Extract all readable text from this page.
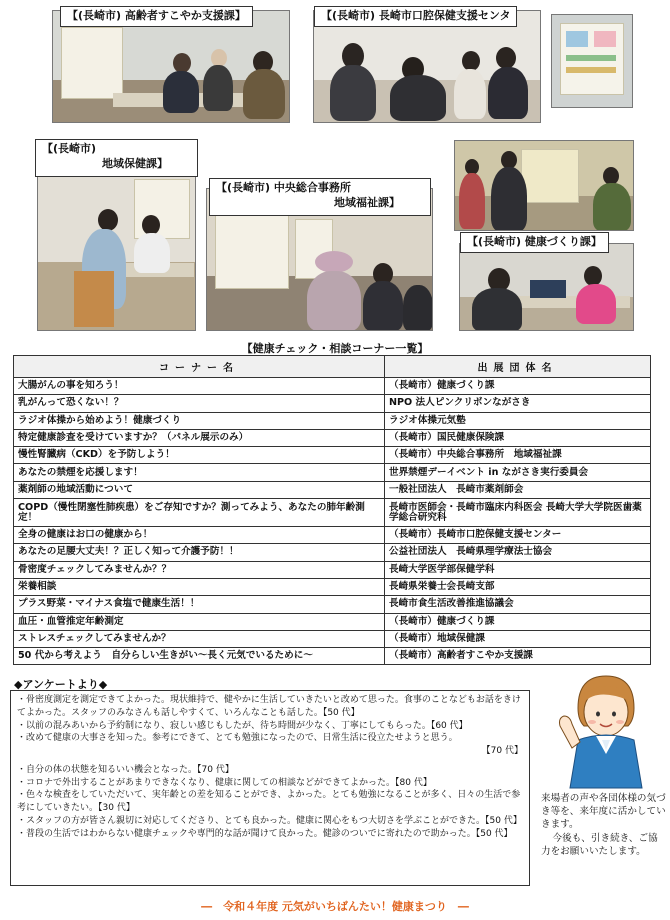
【(長崎市) 高齢者すこやか支援課】	【(長崎市) 長崎市口腔保健支援センタ
【(長崎市)
地域保健課】
【(長崎市) 中央総合事務所
地域福祉課】
【(長崎市) 健康づくり課】
【健康チェック・相談コーナー一覧】
コーナー名	出展団体名
大腸がんの事を知ろう！	（長崎市）健康づくり課
乳がんって恐くない！？	NPO 法人ピンクリボンながさき
ラジオ体操から始めよう！健康づくり	ラジオ体操元気塾
特定健康診査を受けていますか？（パネル展示のみ）	（長崎市）国民健康保険課
慢性腎臓病（CKD）を予防しよう！	（長崎市）中央総合事務所　地域福祉課
あなたの禁煙を応援します！	世界禁煙デーイベント in ながさき実行委員会
薬剤師の地域活動について	一般社団法人　長崎市薬剤師会
COPD（慢性閉塞性肺疾患）をご存知ですか？測ってみよう、あなたの肺年齢測定！	長崎市医師会・長崎市臨床内科医会 長崎大学大学院医歯薬学総合研究科
全身の健康はお口の健康から！	（長崎市）長崎市口腔保健支援センター
あなたの足腰大丈夫！？正しく知って介護予防！！	公益社団法人　長崎県理学療法士協会
骨密度チェックしてみませんか？？	長崎大学医学部保健学科
栄養相談	長崎県栄養士会長崎支部
プラス野菜・マイナス食塩で健康生活！！	長崎市食生活改善推進協議会
血圧・血管推定年齢測定	（長崎市）健康づくり課
ストレスチェックしてみませんか？	（長崎市）地域保健課
50 代から考えよう　自分らしい生きがい～長く元気でいるために～	（長崎市）高齢者すこやか支援課
◆アンケートより◆
・骨密度測定を測定できてよかった。現状維持で、健やかに生活していきたいと改めて思った。食事のことなどもお話をきけてよかった。スタッフのみなさんも話しやすくて、いろんなことも話した。【50 代】
・以前の混みあいから予約制になり、寂しい感じもしたが、待ち時間が少なく、丁寧にしてもらった。【60 代】
・改めて健康の大事さを知った。参考にできて、とても勉強になったので、日常生活に役立たせようと思う。
【70 代】
・自分の体の状態を知るいい機会となった。【70 代】
・コロナで外出することがあまりできなくなり、健康に関しての相談などができてよかった。【80 代】
・色々な検査をしていただいて、実年齢との差を知ることができ、よかった。とても勉強になることが多く、日々の生活で参考にしていきたい。【30 代】
・スタッフの方が皆さん親切に対応してくださり、とても良かった。健康に関心をもつ大切さを学ぶことができた。【50 代】
・普段の生活ではわからない健康チェックや専門的な話が聞けて良かった。健診のついでに寄れたので助かった。【50 代】
来場者の声や各団体様の気づき等を、来年度に活かしていきます。
今後も、引き続き、ご協力をお願いいたします。
―　令和４年度 元気がいちばんたい！健康まつり　―
